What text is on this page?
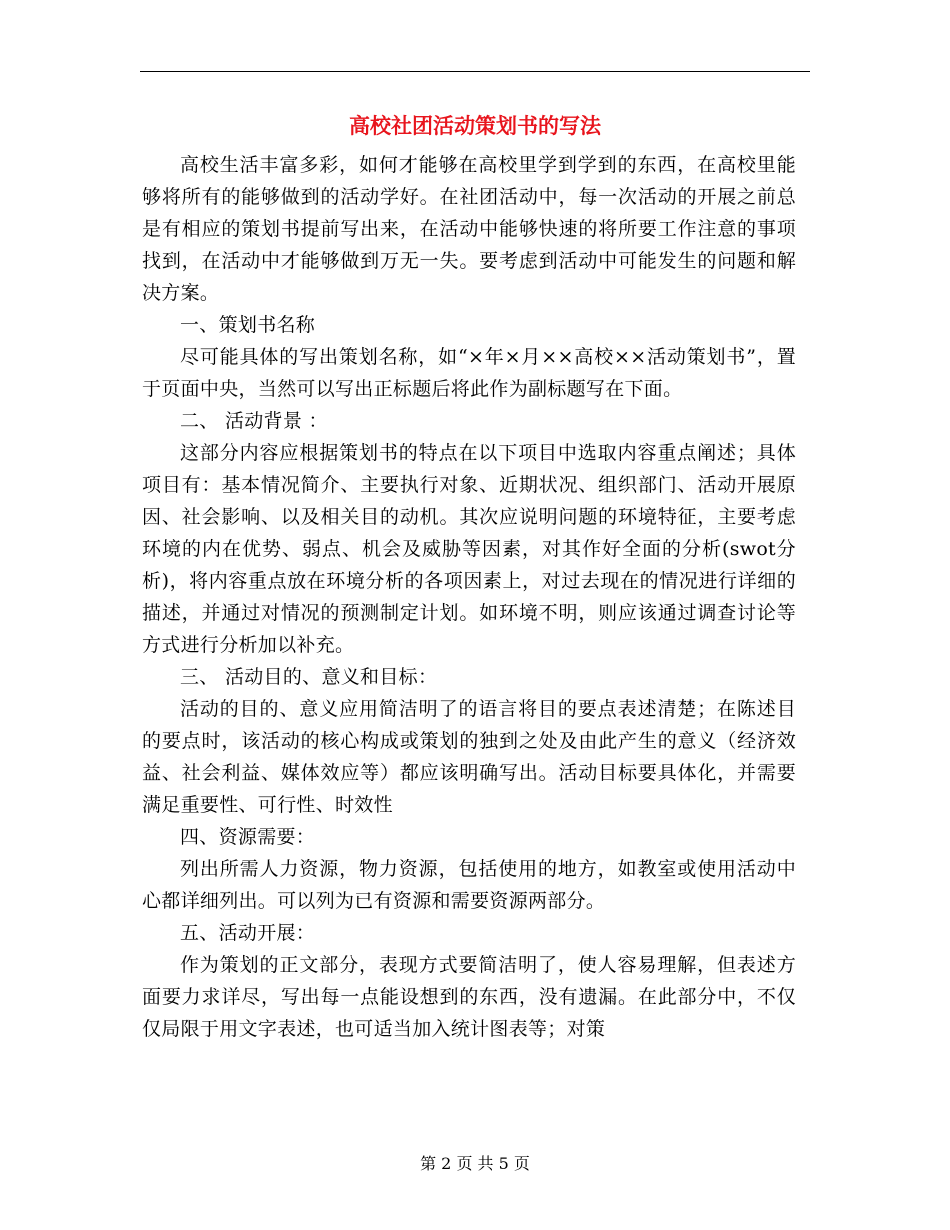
高校社团活动策划书的写法

高校生活丰富多彩，如何才能够在高校里学到学到的东西，在高校里能够将所有的能够做到的活动学好。在社团活动中，每一次活动的开展之前总是有相应的策划书提前写出来，在活动中能够快速的将所要工作注意的事项找到，在活动中才能够做到万无一失。要考虑到活动中可能发生的问题和解决方案。

一、策划书名称

尽可能具体的写出策划名称，如“×年×月××高校××活动策划书”，置于页面中央，当然可以写出正标题后将此作为副标题写在下面。

二、 活动背景 ：

这部分内容应根据策划书的特点在以下项目中选取内容重点阐述；具体项目有：基本情况简介、主要执行对象、近期状况、组织部门、活动开展原因、社会影响、以及相关目的动机。其次应说明问题的环境特征，主要考虑环境的内在优势、弱点、机会及威胁等因素，对其作好全面的分析(swot分析)，将内容重点放在环境分析的各项因素上，对过去现在的情况进行详细的描述，并通过对情况的预测制定计划。如环境不明，则应该通过调查讨论等方式进行分析加以补充。

三、 活动目的、意义和目标：

活动的目的、意义应用简洁明了的语言将目的要点表述清楚；在陈述目的要点时，该活动的核心构成或策划的独到之处及由此产生的意义（经济效益、社会利益、媒体效应等）都应该明确写出。活动目标要具体化，并需要满足重要性、可行性、时效性

四、资源需要：

列出所需人力资源，物力资源，包括使用的地方，如教室或使用活动中心都详细列出。可以列为已有资源和需要资源两部分。

五、活动开展：

作为策划的正文部分，表现方式要简洁明了，使人容易理解，但表述方面要力求详尽，写出每一点能设想到的东西，没有遗漏。在此部分中，不仅仅局限于用文字表述，也可适当加入统计图表等；对策

第 2 页 共 5 页
